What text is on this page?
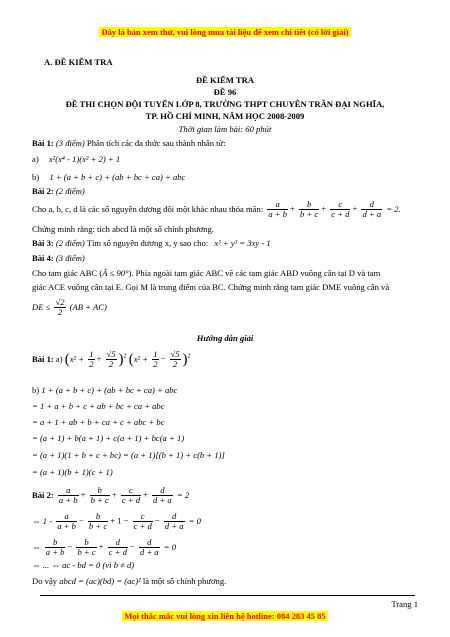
Đây là bản xem thử, vui lòng mua tài liệu để xem chi tiết (có lời giải)
A. ĐỀ KIỂM TRA
ĐỀ KIỂM TRA
ĐỀ 96
ĐỀ THI CHỌN ĐỘI TUYỂN LỚP 8, TRƯỜNG THPT CHUYÊN TRẦN ĐẠI NGHĨA,
TP. HỒ CHÍ MINH, NĂM HỌC 2008-2009
Thời gian làm bài: 60 phút
Bài 1: (3 điểm) Phân tích các đa thức sau thành nhân tử:
a) x²(x⁴ - 1)(x² + 2) + 1
b) 1 + (a + b + c) + (ab + bc + ca) + abc
Bài 2: (2 điểm)
Cho a, b, c, d là các số nguyên dương đôi một khác nhau thỏa mãn: $\frac{a}{a + b} + \frac{b}{b + c} + \frac{c}{c + d} + \frac{d}{d + a} = 2$.
Chứng minh rằng: tích abcd là một số chính phương.
Bài 3: (2 điểm) Tìm số nguyên dương x, y sao cho: x³ + y³ = 3xy - 1
Bài 4: (3 điểm)
Cho tam giác ABC (Â ≤ 90°). Phía ngoài tam giác ABC vẽ các tam giác ABD vuông cân tại D và tam
giác ACE vuông cân tại E. Gọi M là trung điểm của BC. Chứng minh rằng tam giác DME vuông cân và
DE ≤ $\frac{√2}{2} (AB + AC)$
Hướng dẫn giải
Bài 1: a) $(x^2 + \frac{1}{2} + \frac{√5}{2} )^2$ $(x^2 + \frac{1}{2} - \frac{√5}{2} )^2$
b) 1 + (a + b + c) + (ab + bc + ca) + abc
= 1 + a + b + c + ab + bc + ca + abc
= a + 1 + ab + b + ca + c + abc + bc
= (a + 1) + b(a + 1) + c(a + 1) + bc(a + 1)
= (a + 1)(1 + b + c + bc) = (a + 1)[(b + 1) + c(b + 1)]
= (a + 1)(b + 1)(c + 1)
Bài 2: $\frac{a}{a + b} + \frac{b}{b + c} + \frac{c}{c + d} + \frac{d}{d + a} = 2$
⇔ $1 - \frac{a}{a + b} - \frac{b}{b + c} + 1 - \frac{c}{c + d} - \frac{d}{d + a} = 0$
⇔ $\frac{b}{a + b} - \frac{b}{b + c} + \frac{d}{c + d} - \frac{d}{d + a} = 0$
⇔ ... ⇔ ac - bd = 0 (vì b ≠ d)
Do vậy abcd = (ac)(bd) = (ac)² là một số chính phương.
Trang 1
Mọi thắc mắc vui lòng xin liên hệ hotline: 084 283 45 85
